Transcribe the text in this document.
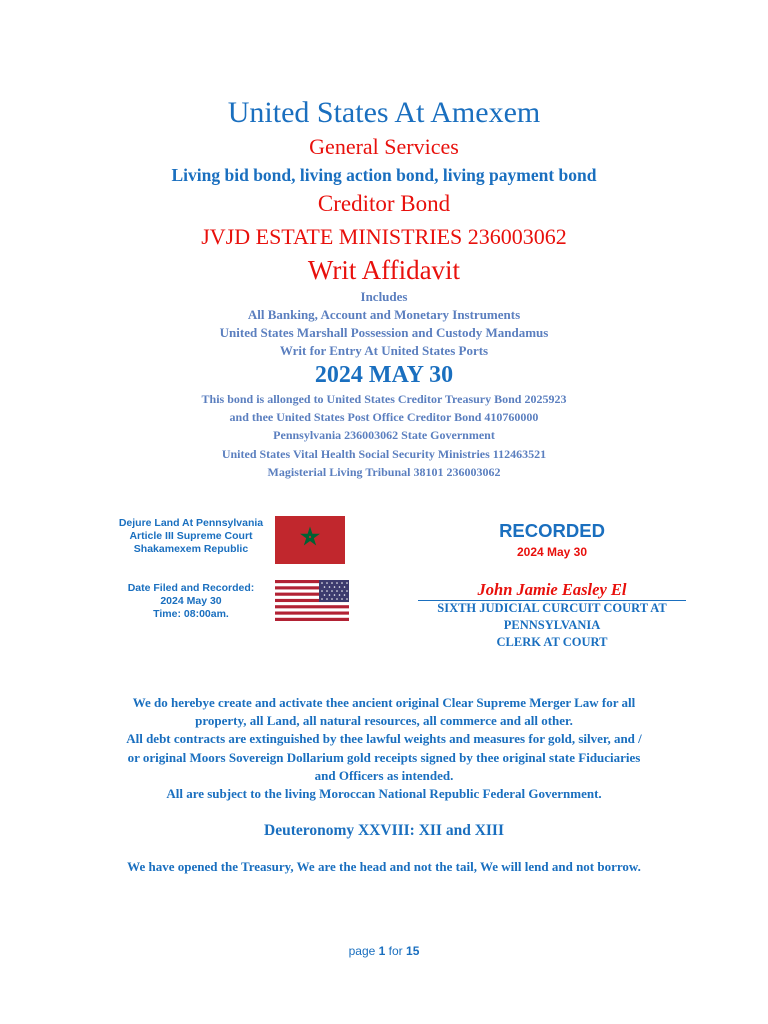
United States At Amexem
General Services
Living bid bond, living action bond, living payment bond
Creditor Bond
JVJD ESTATE MINISTRIES 236003062
Writ Affidavit
Includes
All Banking, Account and Monetary Instruments
United States Marshall Possession and Custody Mandamus
Writ for Entry At United States Ports
2024 MAY 30
This bond is allonged to United States Creditor Treasury Bond 2025923
and thee United States Post Office Creditor Bond 410760000
Pennsylvania 236003062 State Government
United States Vital Health Social Security Ministries 112463521
Magisterial Living Tribunal 38101 236003062
Dejure Land At Pennsylvania
Article III Supreme Court
Shakamexem Republic
Date Filed and Recorded:
2024 May 30
Time: 08:00am.
RECORDED
2024 May 30
John Jamie Easley El
SIXTH JUDICIAL CURCUIT COURT AT
PENNSYLVANIA
CLERK AT COURT
We do herebye create and activate thee ancient original Clear Supreme Merger Law for all
property, all Land, all natural resources, all commerce and all other.
All debt contracts are extinguished by thee lawful weights and measures for gold, silver, and /
or original Moors Sovereign Dollarium gold receipts signed by thee original state Fiduciaries
and Officers as intended.
All are subject to the living Moroccan National Republic Federal Government.
Deuteronomy XXVIII: XII and XIII
We have opened the Treasury, We are the head and not the tail, We will lend and not borrow.
page 1 for 15
